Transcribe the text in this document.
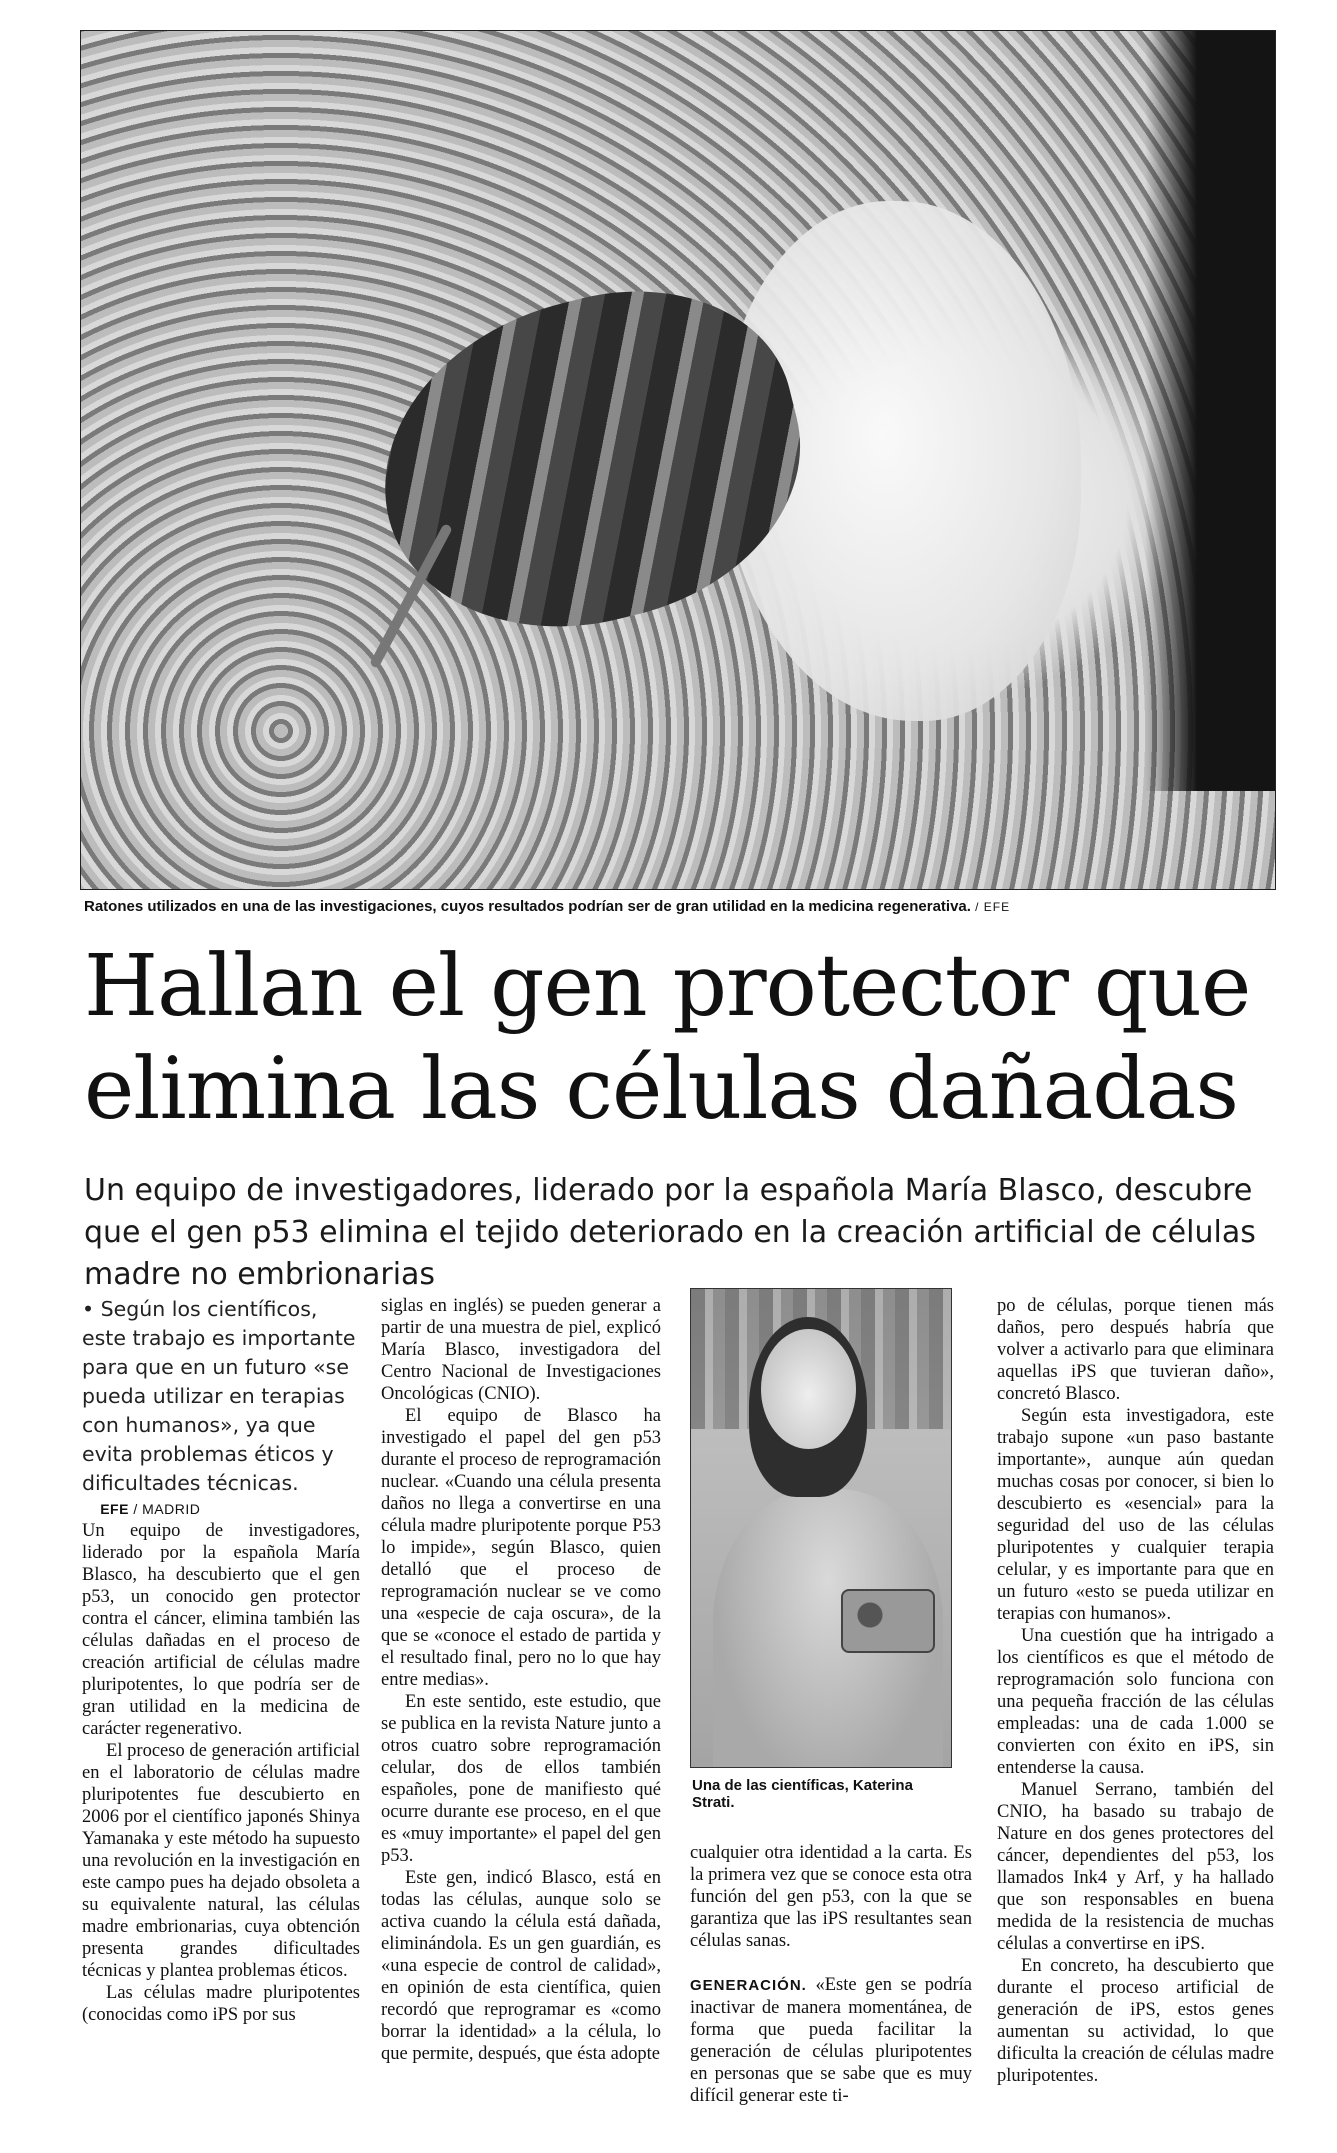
Ratones utilizados en una de las investigaciones, cuyos resultados podrían ser de gran utilidad en la medicina regenerativa. / EFE
Hallan el gen protector que elimina las células dañadas

Un equipo de investigadores, liderado por la española María Blasco, descubre que el gen p53 elimina el tejido deteriorado en la creación artificial de células madre no embrionarias

• Según los científicos, este trabajo es importante para que en un futuro «se pueda utilizar en terapias con humanos», ya que evita problemas éticos y dificultades técnicas.

EFE / MADRID

Un equipo de investigadores, liderado por la española María Blasco, ha descubierto que el gen p53, un conocido gen protector contra el cáncer, elimina también las células dañadas en el proceso de creación artificial de células madre pluripotentes, lo que podría ser de gran utilidad en la medicina de carácter regenerativo.

El proceso de generación artificial en el laboratorio de células madre pluripotentes fue descubierto en 2006 por el científico japonés Shinya Yamanaka y este método ha supuesto una revolución en la investigación en este campo pues ha dejado obsoleta a su equivalente natural, las células madre embrionarias, cuya obtención presenta grandes dificultades técnicas y plantea problemas éticos.

Las células madre pluripotentes (conocidas como iPS por sus

siglas en inglés) se pueden generar a partir de una muestra de piel, explicó María Blasco, investigadora del Centro Nacional de Investigaciones Oncológicas (CNIO).

El equipo de Blasco ha investigado el papel del gen p53 durante el proceso de reprogramación nuclear. «Cuando una célula presenta daños no llega a convertirse en una célula madre pluripotente porque P53 lo impide», según Blasco, quien detalló que el proceso de reprogramación nuclear se ve como una «especie de caja oscura», de la que se «conoce el estado de partida y el resultado final, pero no lo que hay entre medias».

En este sentido, este estudio, que se publica en la revista Nature junto a otros cuatro sobre reprogramación celular, dos de ellos también españoles, pone de manifiesto qué ocurre durante ese proceso, en el que es «muy importante» el papel del gen p53.

Este gen, indicó Blasco, está en todas las células, aunque solo se activa cuando la célula está dañada, eliminándola. Es un gen guardián, es «una especie de control de calidad», en opinión de esta científica, quien recordó que reprogramar es «como borrar la identidad» a la célula, lo que permite, después, que ésta adopte

Una de las científicas, Katerina Strati.

cualquier otra identidad a la carta. Es la primera vez que se conoce esta otra función del gen p53, con la que se garantiza que las iPS resultantes sean células sanas.

GENERACIÓN. «Este gen se podría inactivar de manera momentánea, de forma que pueda facilitar la generación de células pluripotentes en personas que se sabe que es muy difícil generar este ti-

po de células, porque tienen más daños, pero después habría que volver a activarlo para que eliminara aquellas iPS que tuvieran daño», concretó Blasco.

Según esta investigadora, este trabajo supone «un paso bastante importante», aunque aún quedan muchas cosas por conocer, si bien lo descubierto es «esencial» para la seguridad del uso de las células pluripotentes y cualquier terapia celular, y es importante para que en un futuro «esto se pueda utilizar en terapias con humanos».

Una cuestión que ha intrigado a los científicos es que el método de reprogramación solo funciona con una pequeña fracción de las células empleadas: una de cada 1.000 se convierten con éxito en iPS, sin entenderse la causa.

Manuel Serrano, también del CNIO, ha basado su trabajo de Nature en dos genes protectores del cáncer, dependientes del p53, los llamados Ink4 y Arf, y ha hallado que son responsables en buena medida de la resistencia de muchas células a convertirse en iPS.

En concreto, ha descubierto que durante el proceso artificial de generación de iPS, estos genes aumentan su actividad, lo que dificulta la creación de células madre pluripotentes.
